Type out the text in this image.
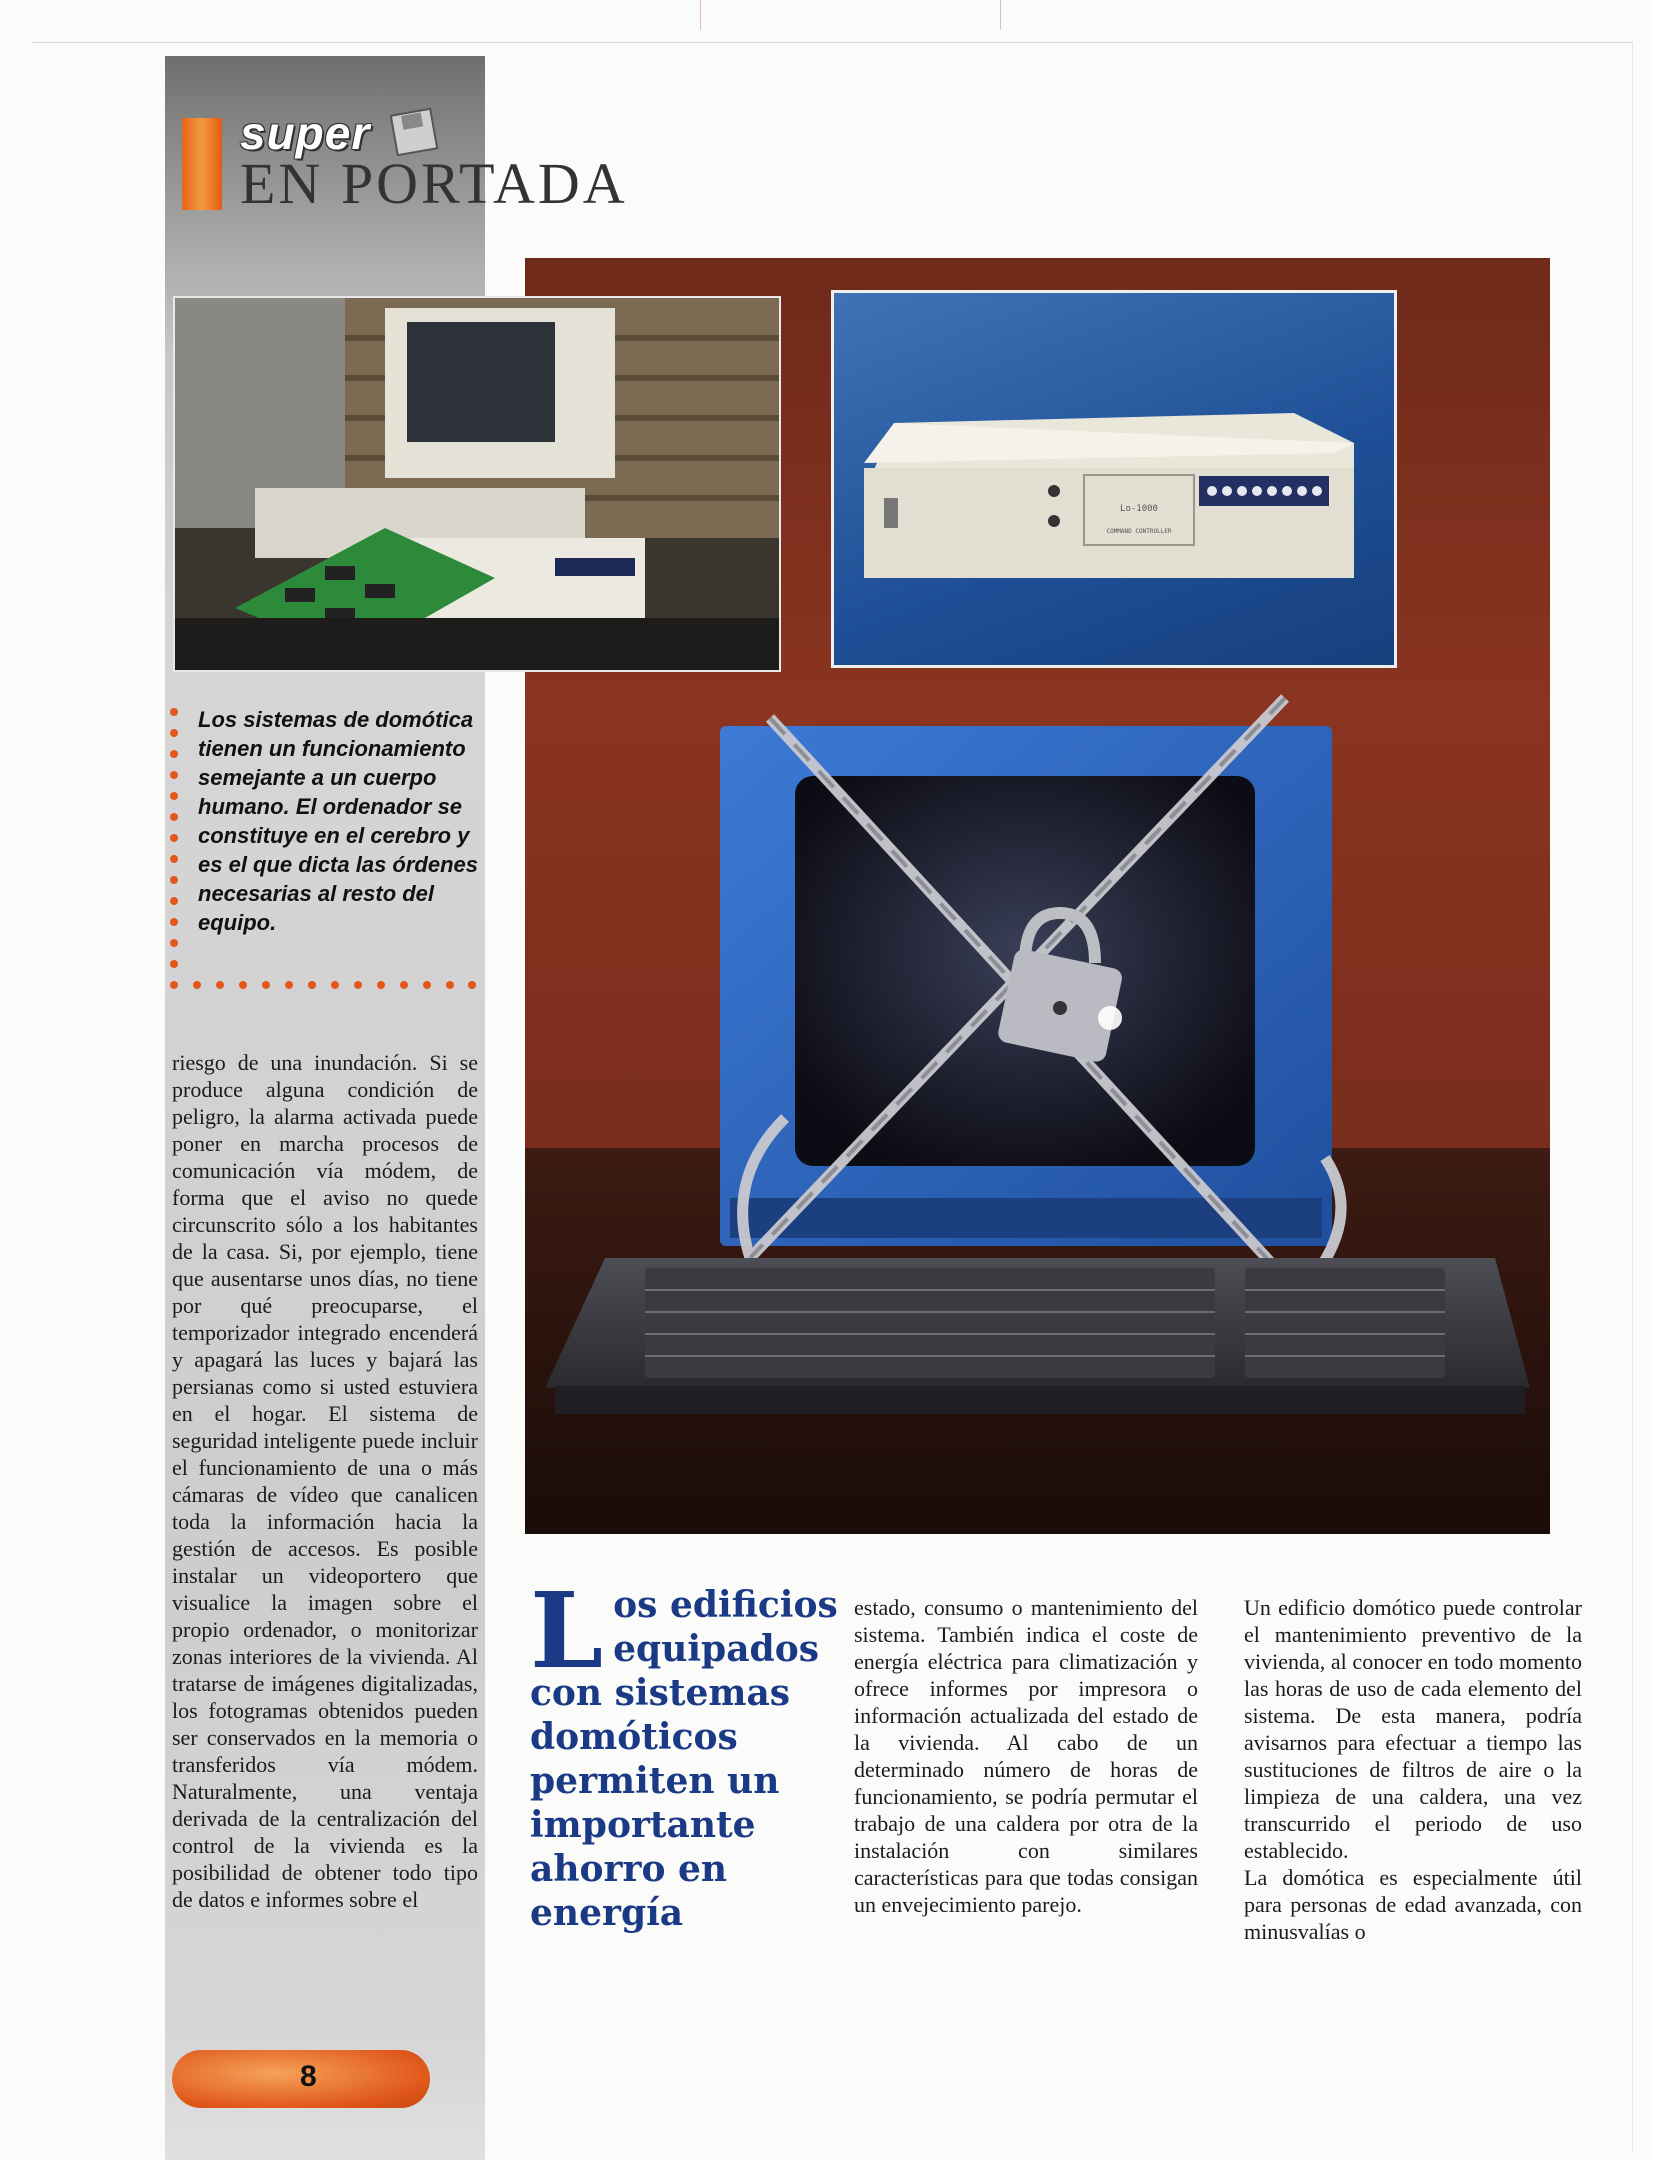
Lo-1000
COMMAND CONTROLLER
super
EN PORTADA
Los sistemas de domótica tienen un funcionamiento semejante a un cuerpo humano. El ordenador se constituye en el cerebro y es el que dicta las órdenes necesarias al resto del equipo.
riesgo de una inundación. Si se produce alguna condición de peligro, la alarma activada puede poner en marcha procesos de comunicación vía módem, de forma que el aviso no quede circunscrito sólo a los habitantes de la casa. Si, por ejemplo, tiene que ausentarse unos días, no tiene por qué preocuparse, el temporizador integrado encenderá y apagará las luces y bajará las persianas como si usted estuviera en el hogar. El sistema de seguridad inteligente puede incluir el funcionamiento de una o más cámaras de vídeo que canalicen toda la información hacia la gestión de accesos. Es posible instalar un videoportero que visualice la imagen sobre el propio ordenador, o monitorizar zonas interiores de la vivienda. Al tratarse de imágenes digitalizadas, los fotogramas obtenidos pueden ser conservados en la memoria o transferidos vía módem. Naturalmente, una ventaja derivada de la centralización del control de la vivienda es la posibilidad de obtener todo tipo de datos e informes sobre el
Los edificios equipados con sistemas domóticos permiten un importante ahorro en energía
estado, consumo o mantenimiento del sistema. También indica el coste de energía eléctrica para climatización y ofrece informes por impresora o información actualizada del estado de la vivienda. Al cabo de un determinado número de horas de funcionamiento, se podría permutar el trabajo de una caldera por otra de la instalación con similares características para que todas consigan un envejecimiento parejo.
Un edificio domótico puede controlar el mantenimiento preventivo de la vivienda, al conocer en todo momento las horas de uso de cada elemento del sistema. De esta manera, podría avisarnos para efectuar a tiempo las sustituciones de filtros de aire o la limpieza de una caldera, una vez transcurrido el periodo de uso establecido.
La domótica es especialmente útil para personas de edad avanzada, con minusvalías o
8
